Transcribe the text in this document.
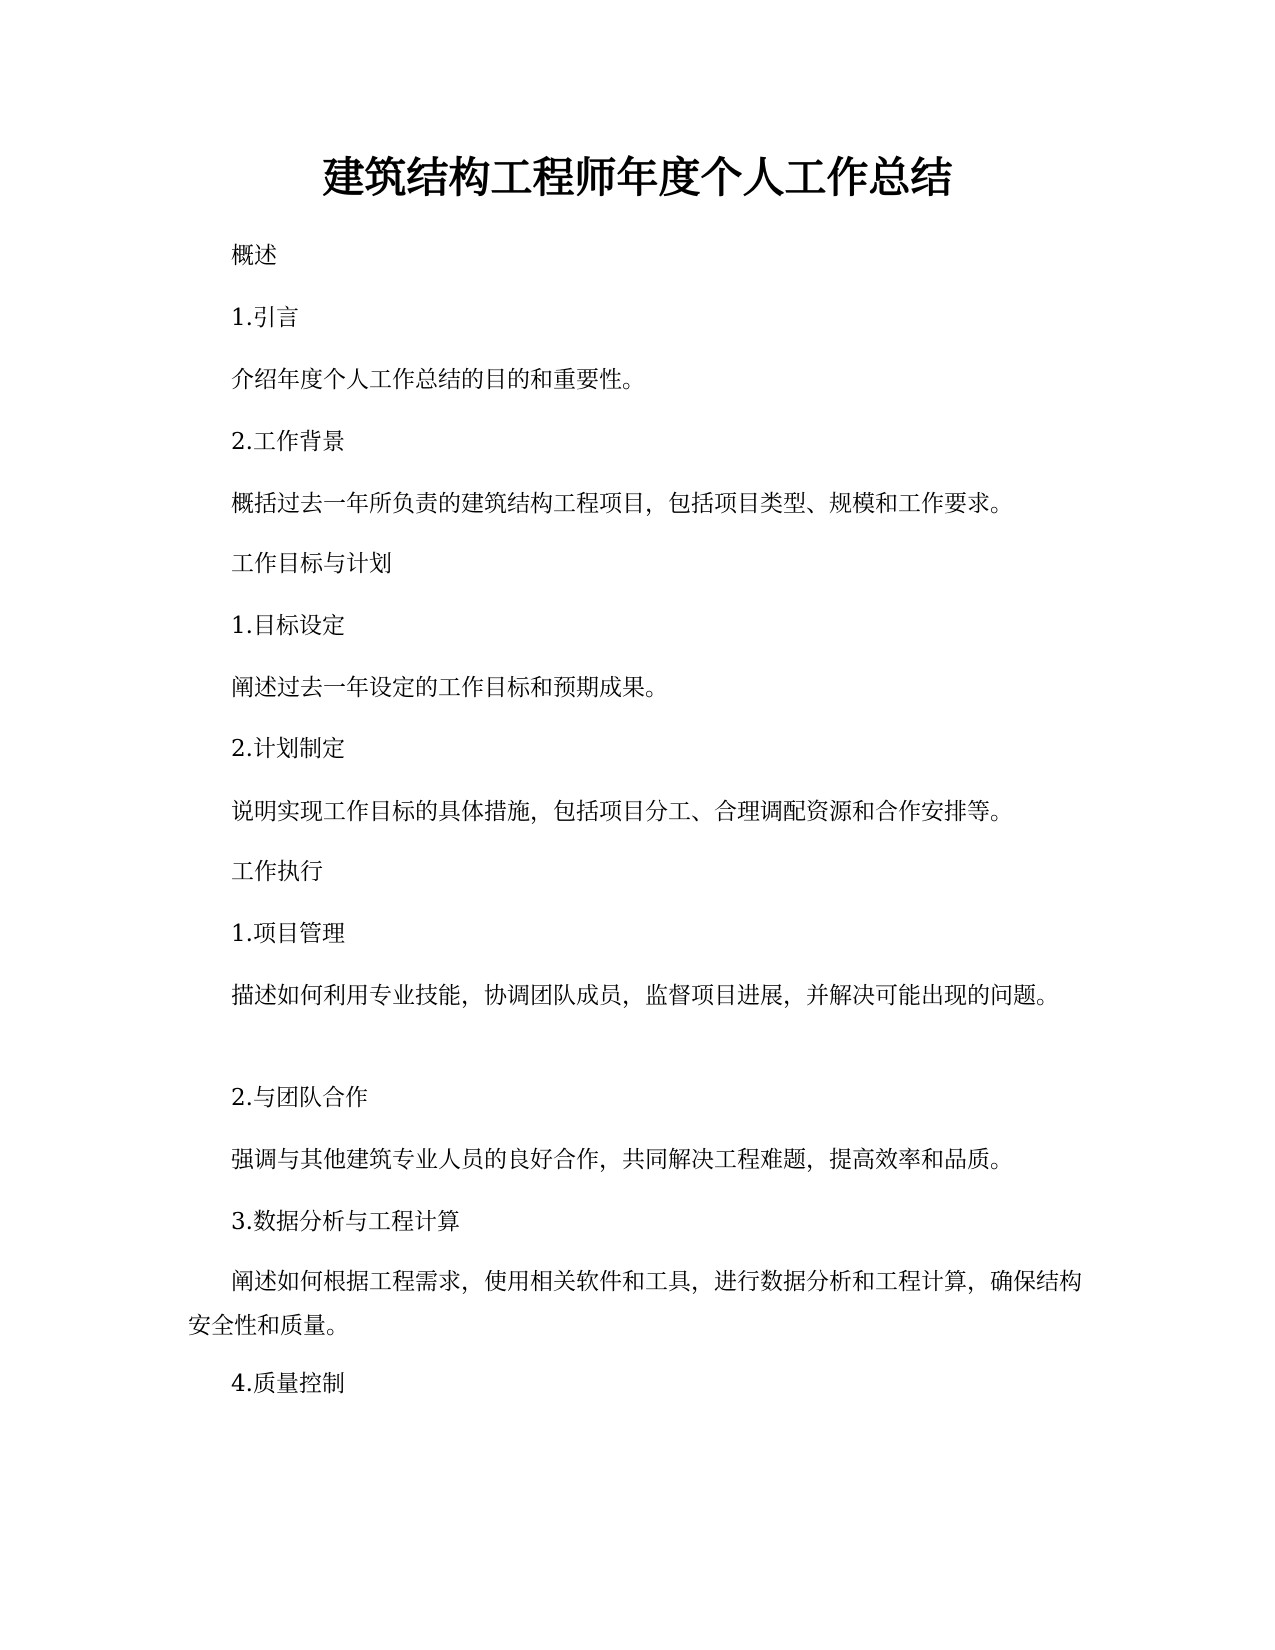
建筑结构工程师年度个人工作总结

概述

1.引言

介绍年度个人工作总结的目的和重要性。

2.工作背景

概括过去一年所负责的建筑结构工程项目，包括项目类型、规模和工作要求。

工作目标与计划

1.目标设定

阐述过去一年设定的工作目标和预期成果。

2.计划制定

说明实现工作目标的具体措施，包括项目分工、合理调配资源和合作安排等。

工作执行

1.项目管理

描述如何利用专业技能，协调团队成员，监督项目进展，并解决可能出现的问题。

2.与团队合作

强调与其他建筑专业人员的良好合作，共同解决工程难题，提高效率和品质。

3.数据分析与工程计算

阐述如何根据工程需求，使用相关软件和工具，进行数据分析和工程计算，确保结构安全性和质量。

4.质量控制
